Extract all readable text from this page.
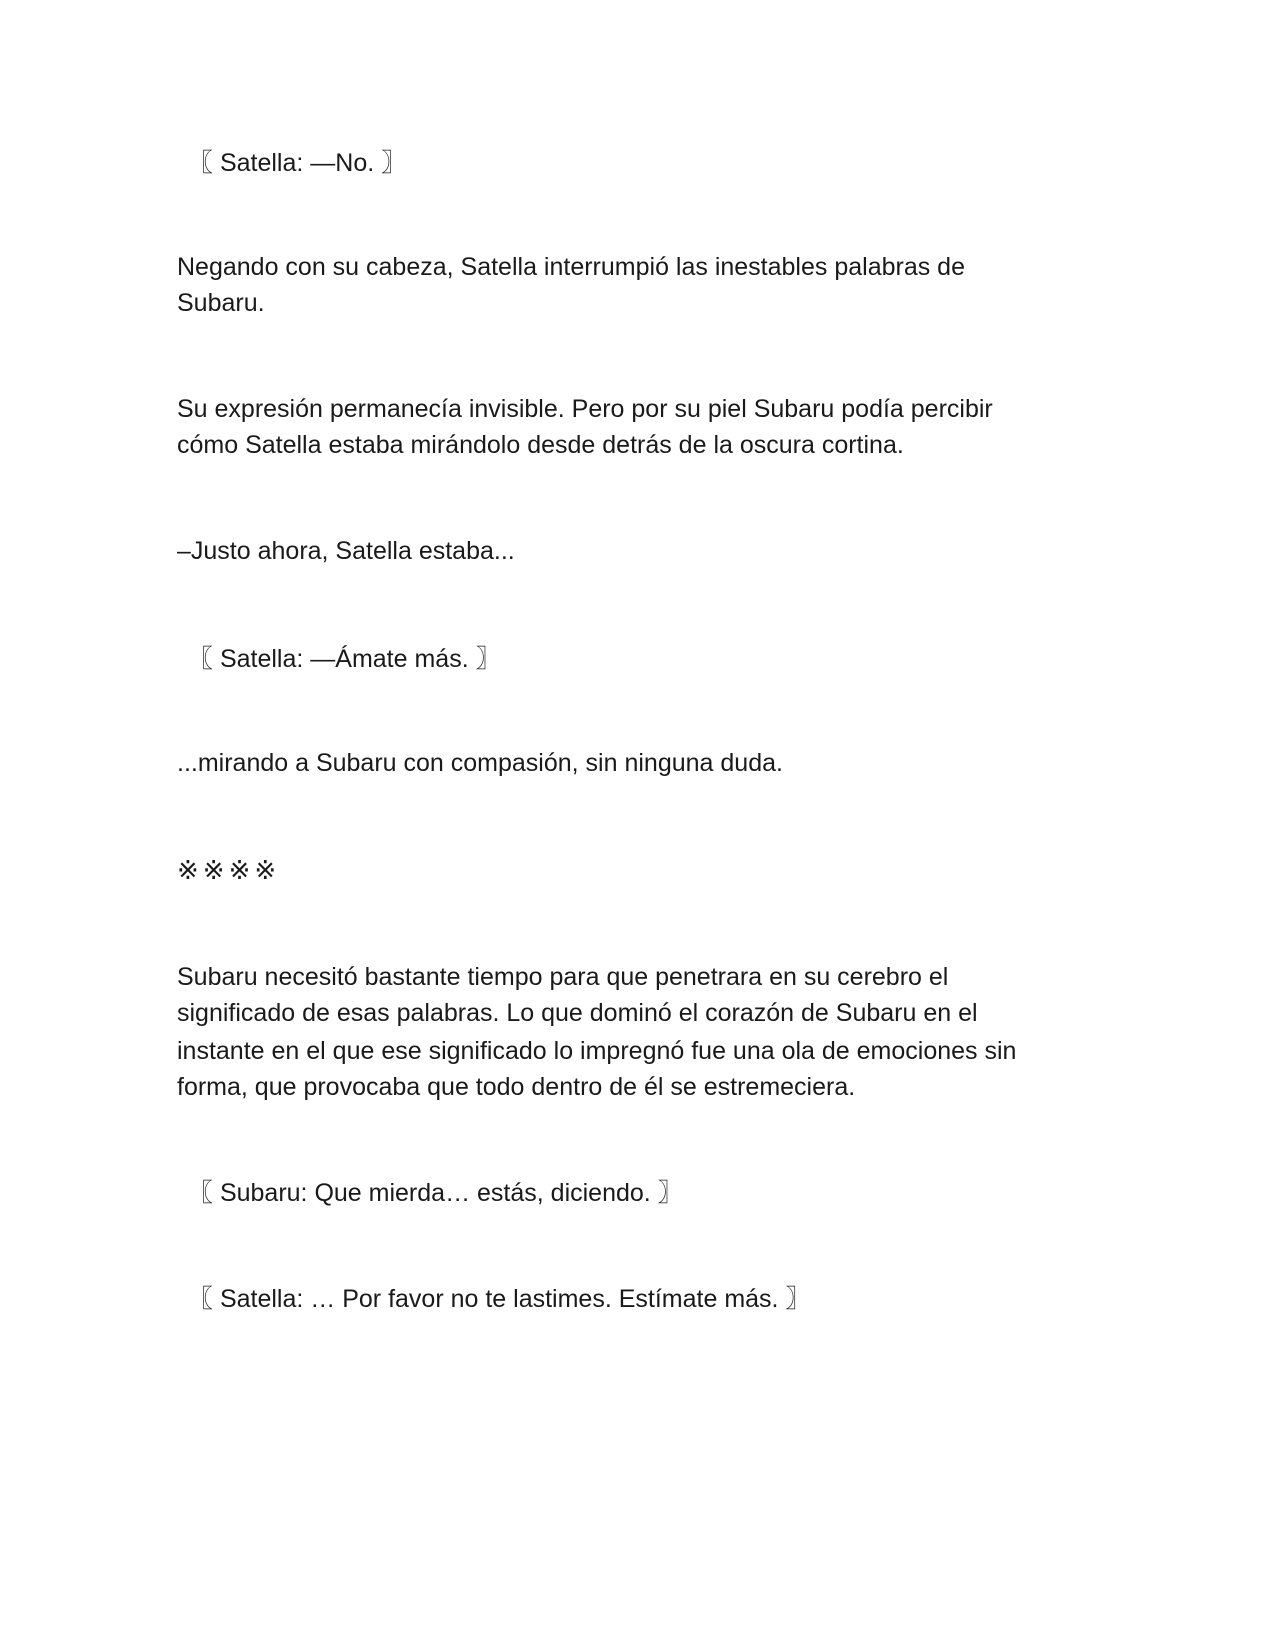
〖 Satella: —No. 〗
Negando con su cabeza, Satella interrumpió las inestables palabras de
Subaru.
Su expresión permanecía invisible. Pero por su piel Subaru podía percibir
cómo Satella estaba mirándolo desde detrás de la oscura cortina.
–Justo ahora, Satella estaba...
〖 Satella: —Ámate más. 〗
...mirando a Subaru con compasión, sin ninguna duda.
※※※※
Subaru necesitó bastante tiempo para que penetrara en su cerebro el
significado de esas palabras. Lo que dominó el corazón de Subaru en el
instante en el que ese significado lo impregnó fue una ola de emociones sin
forma, que provocaba que todo dentro de él se estremeciera.
〖 Subaru: Que mierda… estás, diciendo. 〗
〖 Satella: … Por favor no te lastimes. Estímate más. 〗
